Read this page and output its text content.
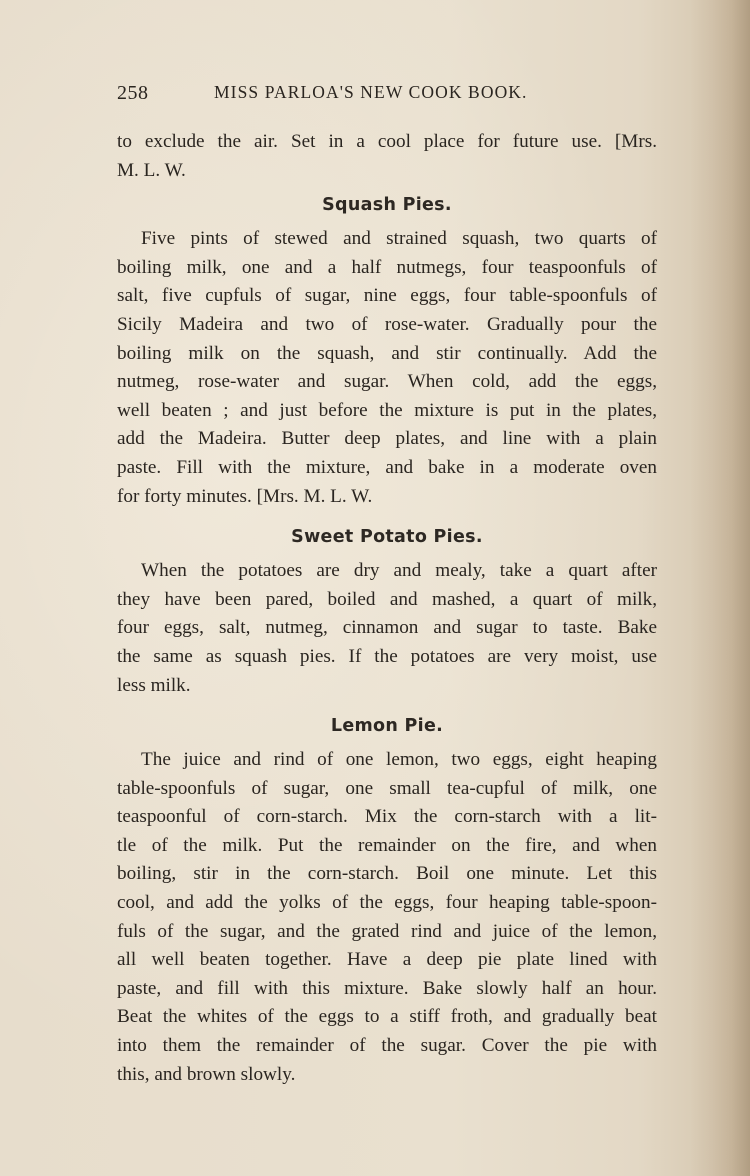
258	MISS PARLOA'S NEW COOK BOOK.
to exclude the air. Set in a cool place for future use. [Mrs.
M. L. W.
Squash Pies.
Five pints of stewed and strained squash, two quarts of
boiling milk, one and a half nutmegs, four teaspoonfuls of
salt, five cupfuls of sugar, nine eggs, four table-spoonfuls of
Sicily Madeira and two of rose-water. Gradually pour the
boiling milk on the squash, and stir continually. Add the
nutmeg, rose-water and sugar. When cold, add the eggs,
well beaten ; and just before the mixture is put in the plates,
add the Madeira. Butter deep plates, and line with a plain
paste. Fill with the mixture, and bake in a moderate oven
for forty minutes. [Mrs. M. L. W.
Sweet Potato Pies.
When the potatoes are dry and mealy, take a quart after
they have been pared, boiled and mashed, a quart of milk,
four eggs, salt, nutmeg, cinnamon and sugar to taste. Bake
the same as squash pies. If the potatoes are very moist, use
less milk.
Lemon Pie.
The juice and rind of one lemon, two eggs, eight heaping
table-spoonfuls of sugar, one small tea-cupful of milk, one
teaspoonful of corn-starch. Mix the corn-starch with a lit-
tle of the milk. Put the remainder on the fire, and when
boiling, stir in the corn-starch. Boil one minute. Let this
cool, and add the yolks of the eggs, four heaping table-spoon-
fuls of the sugar, and the grated rind and juice of the lemon,
all well beaten together. Have a deep pie plate lined with
paste, and fill with this mixture. Bake slowly half an hour.
Beat the whites of the eggs to a stiff froth, and gradually beat
into them the remainder of the sugar. Cover the pie with
this, and brown slowly.
